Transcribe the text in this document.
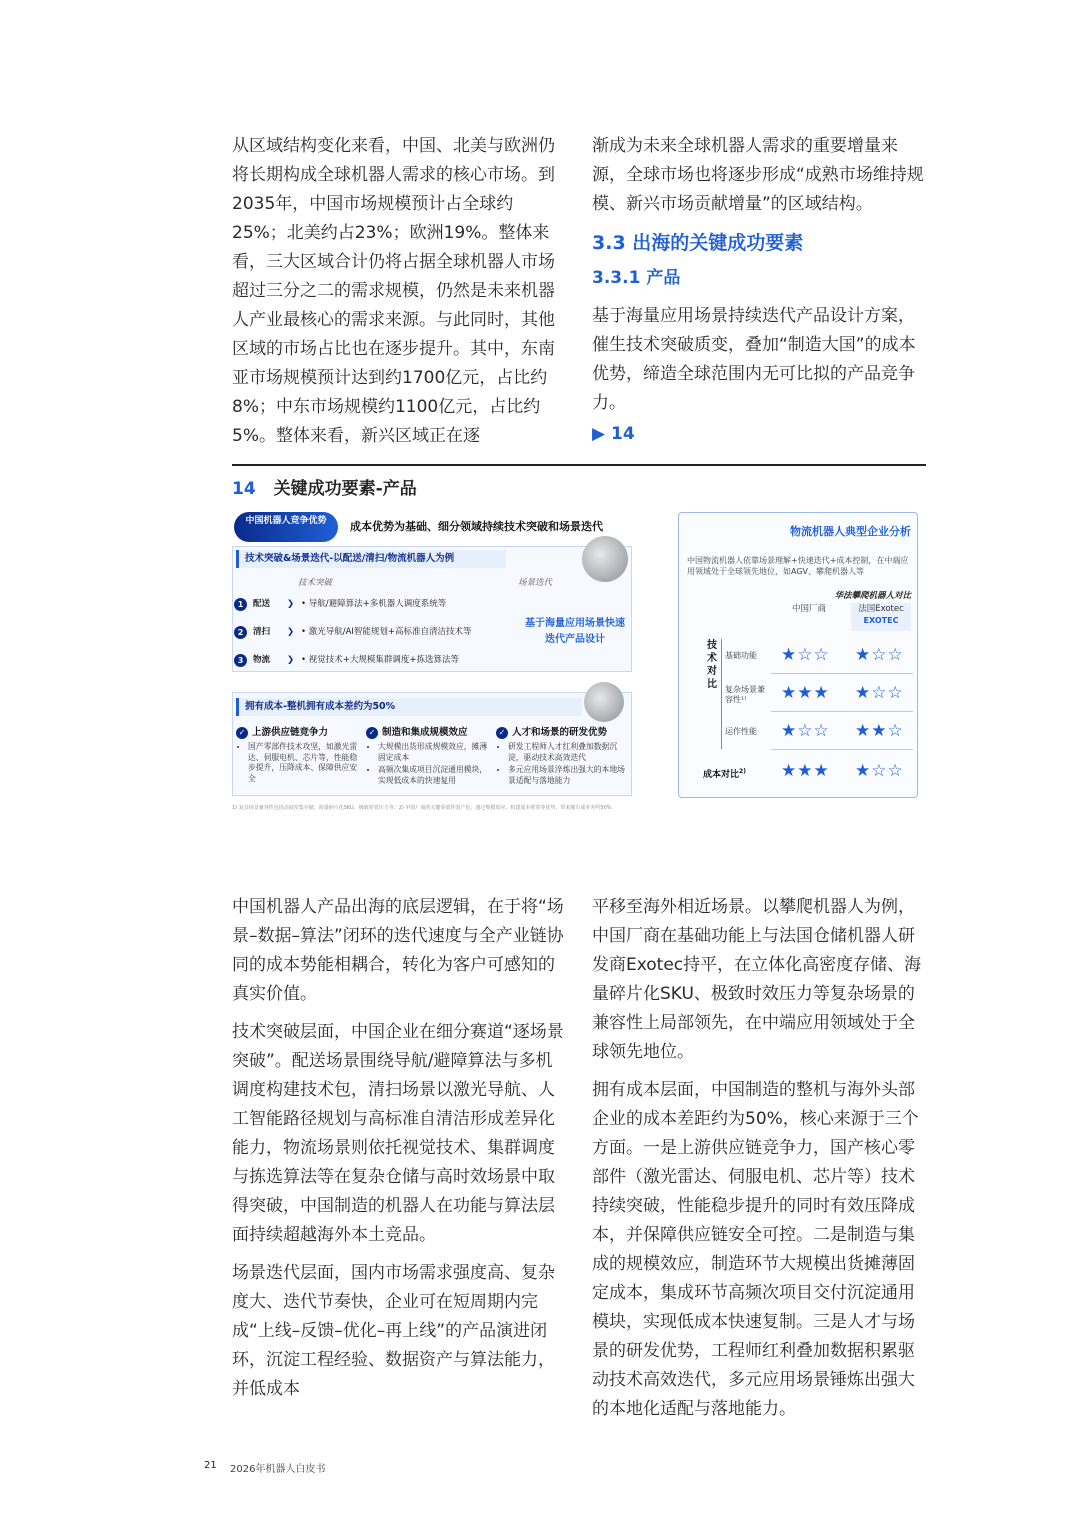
从区域结构变化来看，中国、北美与欧洲仍将长期构成全球机器人需求的核心市场。到2035年，中国市场规模预计占全球约25%；北美约占23%；欧洲19%。整体来看，三大区域合计仍将占据全球机器人市场超过三分之二的需求规模，仍然是未来机器人产业最核心的需求来源。与此同时，其他区域的市场占比也在逐步提升。其中，东南亚市场规模预计达到约1700亿元，占比约8%；中东市场规模约1100亿元，占比约5%。整体来看，新兴区域正在逐

渐成为未来全球机器人需求的重要增量来源，全球市场也将逐步形成“成熟市场维持规模、新兴市场贡献增量”的区域结构。

3.3 出海的关键成功要素

3.3.1 产品

基于海量应用场景持续迭代产品设计方案，催生技术突破质变，叠加“制造大国”的成本优势，缔造全球范围内无可比拟的产品竞争力。

▶ 14

14 关键成功要素-产品
中国机器人竞争优势	成本优势为基础、细分领域持续技术突破和场景迭代
技术突破&场景迭代-以配送/清扫/物流机器人为例
技术突破	场景迭代
1 配送 ❯ • 导航/避障算法+多机器人调度系统等
2 清扫 ❯ • 激光导航/AI智能规划+高标准自清洁技术等
3 物流 ❯ • 视觉技术+大规模集群调度+拣选算法等
基于海量应用场景快速迭代产品设计
拥有成本-整机拥有成本差约为50%
✓ 上游供应链竞争力
• 国产零部件技术攻坚，如激光雷达、伺服电机、芯片等，性能稳步提升，压降成本、保障供应安全
✓ 制造和集成规模效应
• 大规模出货形成规模效应，摊薄固定成本
• 高频次集成项目沉淀通用模块，实现低成本的快速复用
✓ 人才和场景的研发优势
• 研发工程师人才红利叠加数据沉淀，驱动技术高效迭代
• 多元应用场景淬炼出强大的本地场景适配与落地能力
物流机器人典型企业分析
中国物流机器人依靠场景理解+快速迭代+成本控制，在中端应用领域处于全球领先地位，如AGV、攀爬机器人等
华法攀爬机器人对比
中国厂商	法国Exotec
EXOTEC
技术对比
基础功能 ★☆☆ ★☆☆
复杂场景兼容性¹⁾	★★★ ★☆☆
运作性能 ★☆☆ ★★☆
成本对比$^{2)}$ ★★★ ★☆☆
1) 复杂场景兼容性包括高度密集存储、海量碎片化SKU、极致时效压力等；2) 中国厂商的关键零部件国产化，通过规模效应、构建成本壁垒等优势，带来拥有成本差约50%

中国机器人产品出海的底层逻辑，在于将“场景–数据–算法”闭环的迭代速度与全产业链协同的成本势能相耦合，转化为客户可感知的真实价值。

技术突破层面，中国企业在细分赛道“逐场景突破”。配送场景围绕导航/避障算法与多机调度构建技术包，清扫场景以激光导航、人工智能路径规划与高标准自清洁形成差异化能力，物流场景则依托视觉技术、集群调度与拣选算法等在复杂仓储与高时效场景中取得突破，中国制造的机器人在功能与算法层面持续超越海外本土竞品。

场景迭代层面，国内市场需求强度高、复杂度大、迭代节奏快，企业可在短周期内完成“上线–反馈–优化–再上线”的产品演进闭环，沉淀工程经验、数据资产与算法能力，并低成本

平移至海外相近场景。以攀爬机器人为例，中国厂商在基础功能上与法国仓储机器人研发商Exotec持平，在立体化高密度存储、海量碎片化SKU、极致时效压力等复杂场景的兼容性上局部领先，在中端应用领域处于全球领先地位。

拥有成本层面，中国制造的整机与海外头部企业的成本差距约为50%，核心来源于三个方面。一是上游供应链竞争力，国产核心零部件（激光雷达、伺服电机、芯片等）技术持续突破，性能稳步提升的同时有效压降成本，并保障供应链安全可控。二是制造与集成的规模效应，制造环节大规模出货摊薄固定成本，集成环节高频次项目交付沉淀通用模块，实现低成本快速复制。三是人才与场景的研发优势，工程师红利叠加数据积累驱动技术高效迭代，多元应用场景锤炼出强大的本地化适配与落地能力。

21 2026年机器人白皮书
